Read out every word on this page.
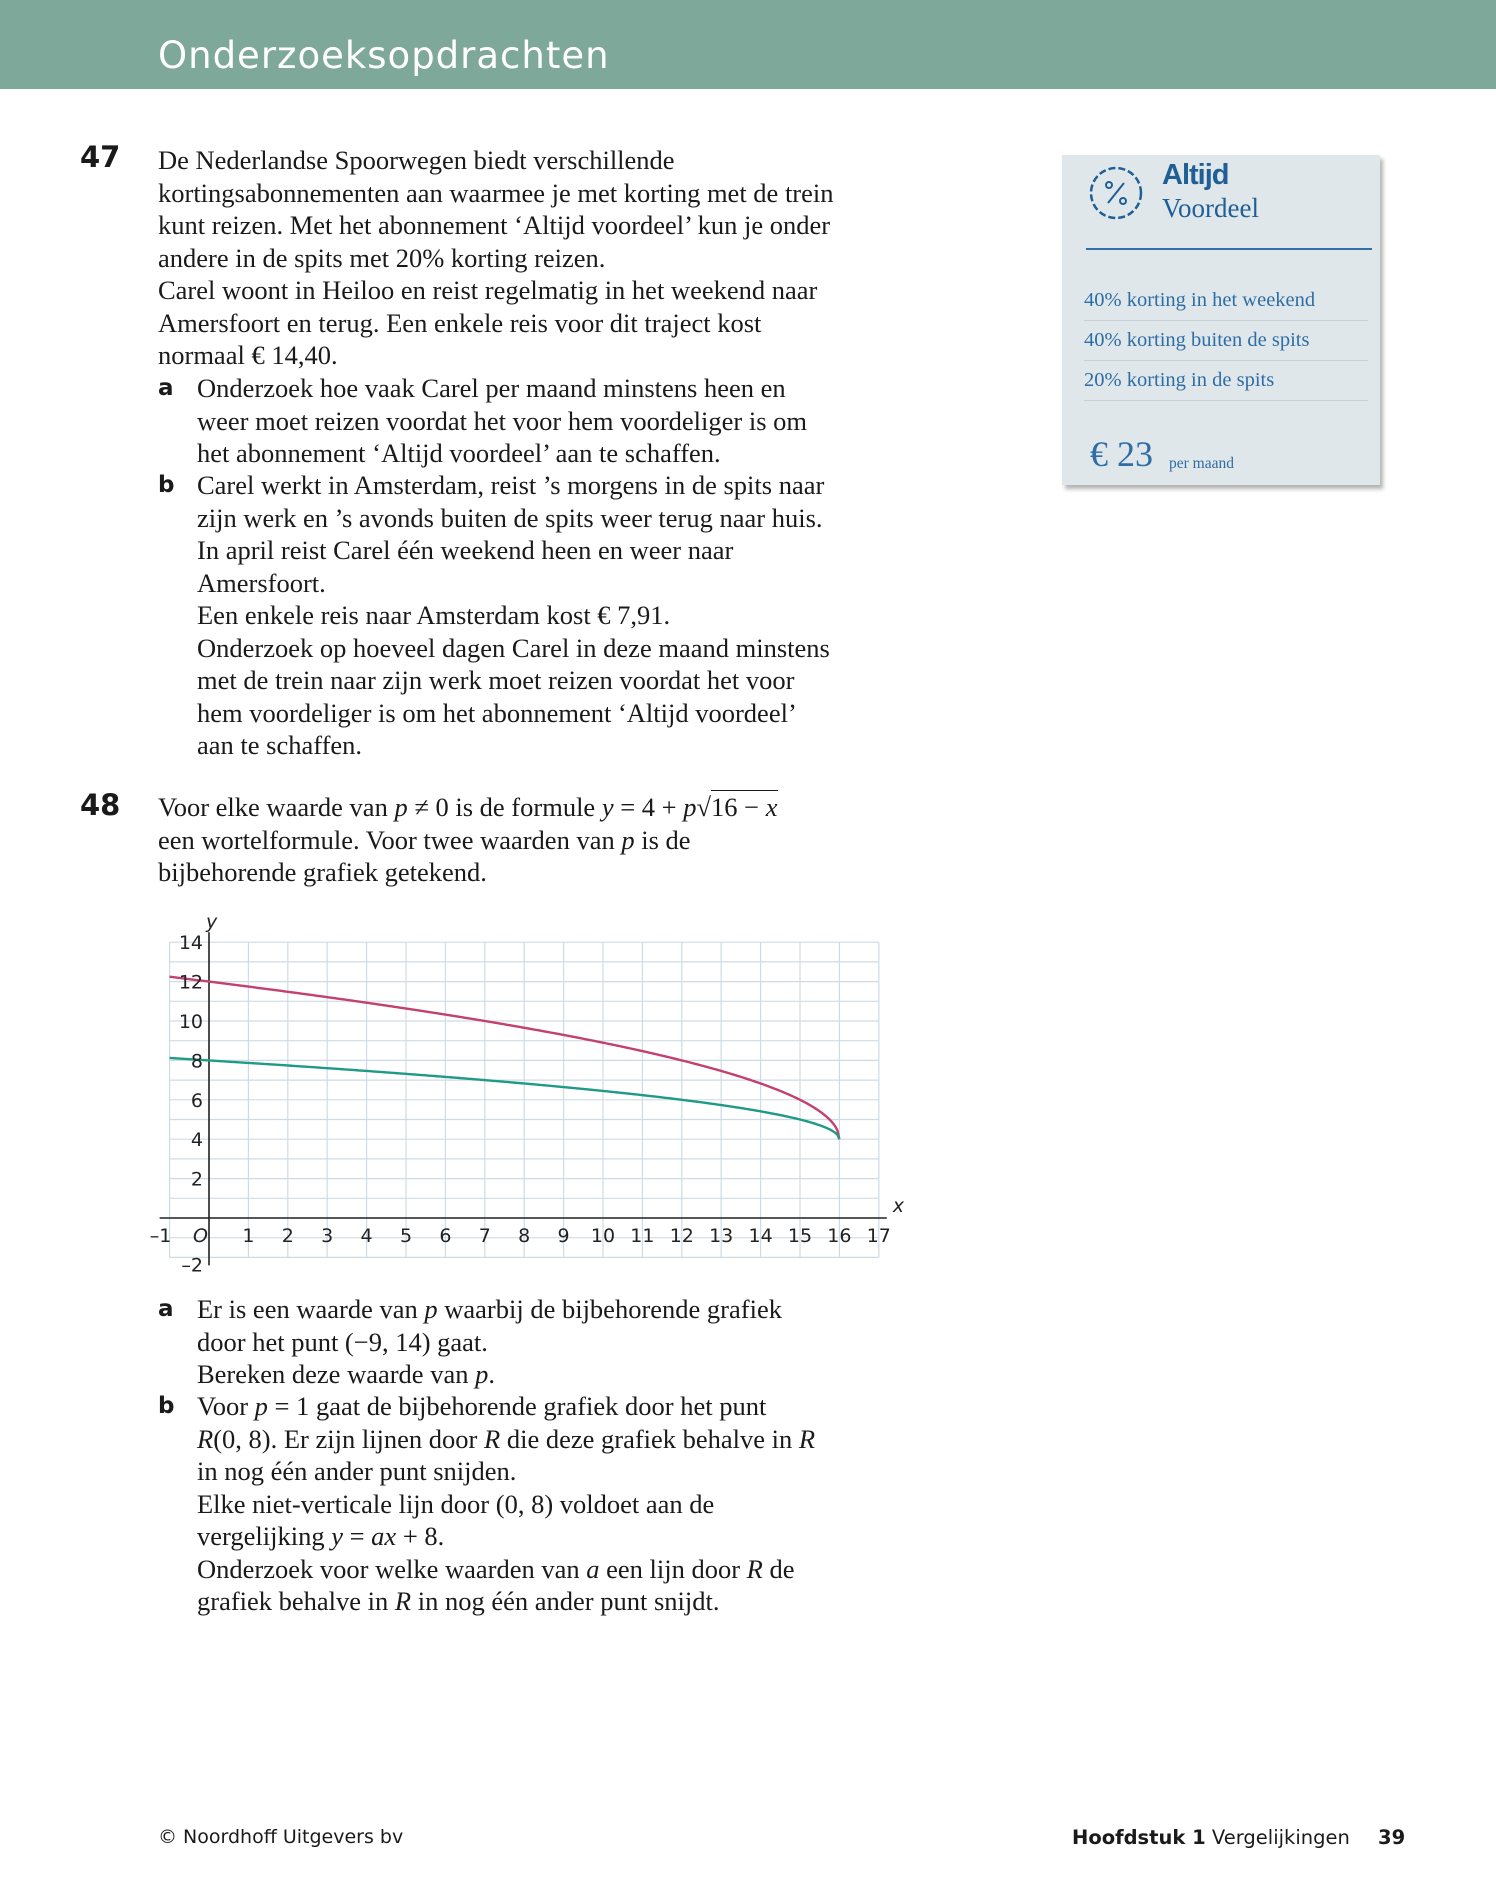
Onderzoeksopdrachten
47 De Nederlandse Spoorwegen biedt verschillende

kortingsabonnementen aan waarmee je met korting met de trein

kunt reizen. Met het abonnement ‘Altijd voordeel’ kun je onder

andere in de spits met 20% korting reizen.

Carel woont in Heiloo en reist regelmatig in het weekend naar

Amersfoort en terug. Een enkele reis voor dit traject kost

normaal € 14,40.

a Onderzoek hoe vaak Carel per maand minstens heen en

weer moet reizen voordat het voor hem voordeliger is om

het abonnement ‘Altijd voordeel’ aan te schaffen.

b Carel werkt in Amsterdam, reist ’s morgens in de spits naar

zijn werk en ’s avonds buiten de spits weer terug naar huis.

In april reist Carel één weekend heen en weer naar

Amersfoort.

Een enkele reis naar Amsterdam kost € 7,91.

Onderzoek op hoeveel dagen Carel in deze maand minstens

met de trein naar zijn werk moet reizen voordat het voor

hem voordeliger is om het abonnement ‘Altijd voordeel’

aan te schaffen.

Altijd
Voordeel
40% korting in het weekend
40% korting buiten de spits
20% korting in de spits
€ 23 per maand
48 Voor elke waarde van p ≠ 0 is de formule y = 4 + p√16 − x

een wortelformule. Voor twee waarden van p is de

bijbehorende grafiek getekend.

–1	1 2 3 4 5 6 7 8 9 10 11 12 13 14 15 16 17
–2
2
4
6
8
10
12
14
O
x
y
a Er is een waarde van p waarbij de bijbehorende grafiek

door het punt (−9, 14) gaat.

Bereken deze waarde van p.

b Voor p = 1 gaat de bijbehorende grafiek door het punt

R(0, 8). Er zijn lijnen door R die deze grafiek behalve in R

in nog één ander punt snijden.

Elke niet-verticale lijn door (0, 8) voldoet aan de

vergelijking y = ax + 8.

Onderzoek voor welke waarden van a een lijn door R de

grafiek behalve in R in nog één ander punt snijdt.

© Noordhoff Uitgevers bv	Hoofdstuk 1 Vergelijkingen 39
